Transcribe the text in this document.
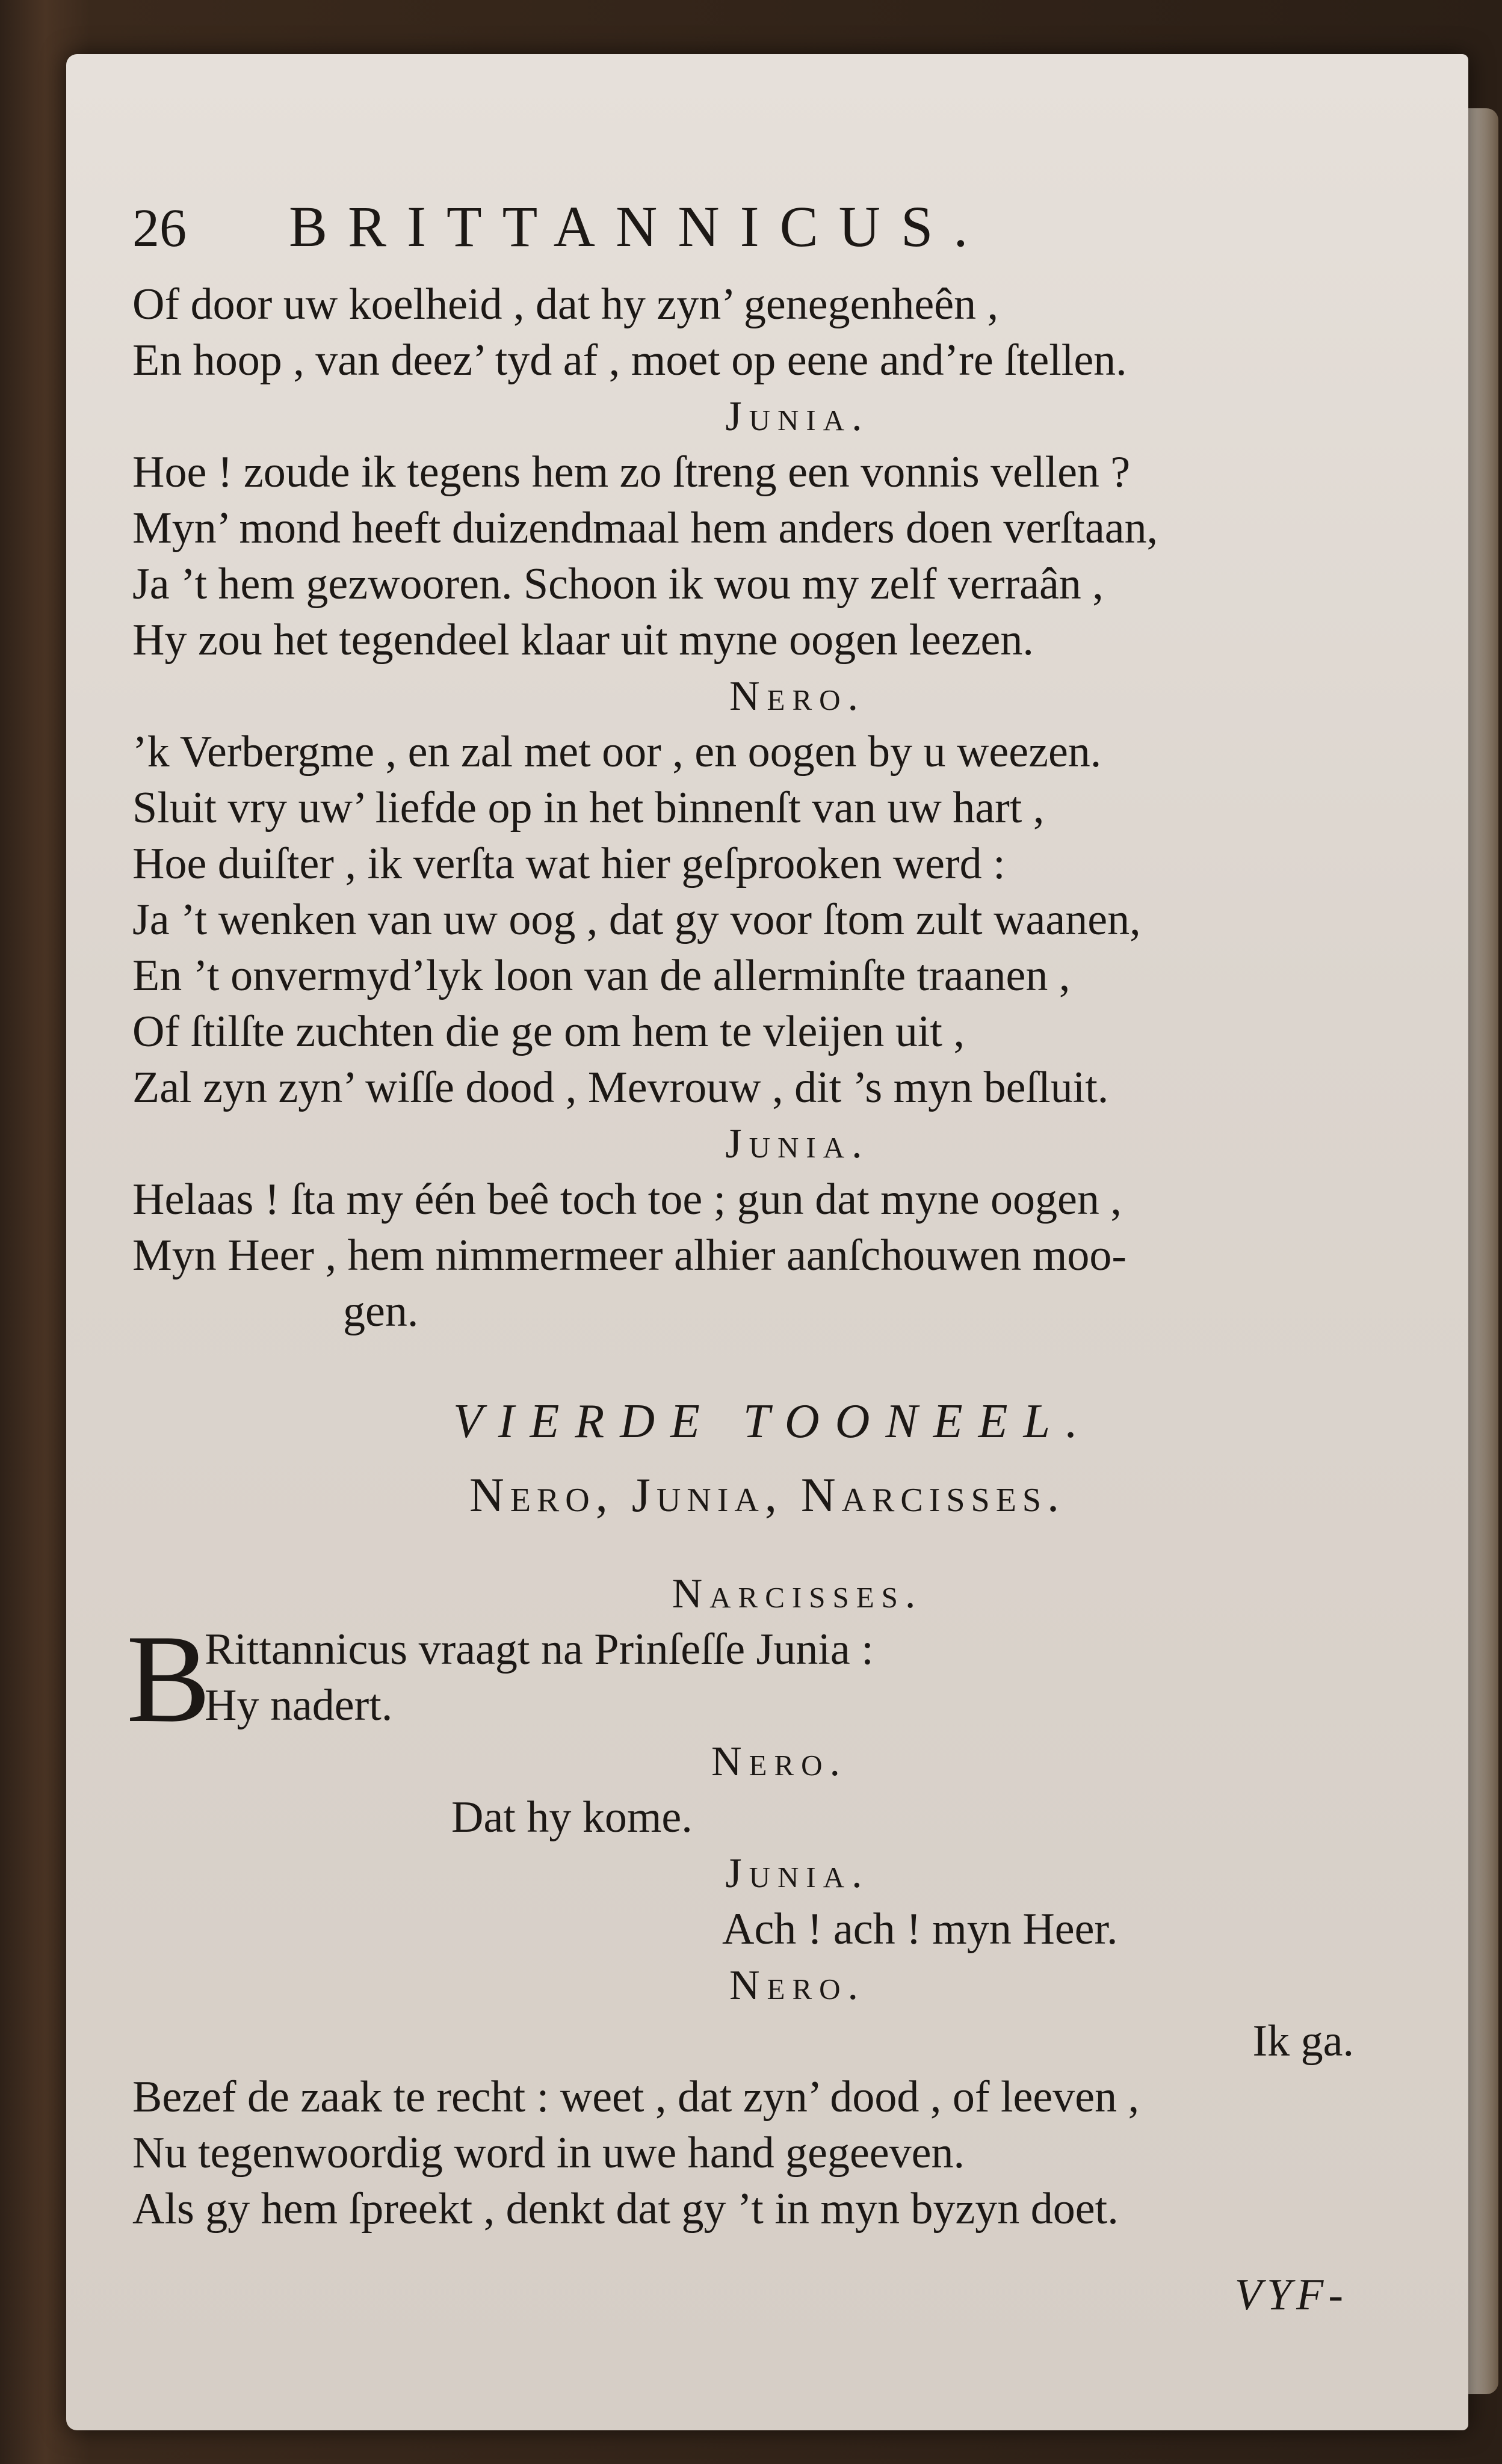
26	BRITTANNICUS.
Of door uw koelheid , dat hy zyn’ genegenheên ,
En hoop , van deez’ tyd af , moet op eene and’re ſtellen.
Junia.
Hoe ! zoude ik tegens hem zo ſtreng een vonnis vellen ?
Myn’ mond heeft duizendmaal hem anders doen verſtaan,
Ja ’t hem gezwooren. Schoon ik wou my zelf verraân ,
Hy zou het tegendeel klaar uit myne oogen leezen.
Nero.
’k Verbergme , en zal met oor , en oogen by u weezen.
Sluit vry uw’ liefde op in het binnenſt van uw hart ,
Hoe duiſter , ik verſta wat hier geſprooken werd :
Ja ’t wenken van uw oog , dat gy voor ſtom zult waanen,
En ’t onvermyd’lyk loon van de allerminſte traanen ,
Of ſtilſte zuchten die ge om hem te vleijen uit ,
Zal zyn zyn’ wiſſe dood , Mevrouw , dit ’s myn beſluit.
Junia.
Helaas ! ſta my één beê toch toe ; gun dat myne oogen ,
Myn Heer , hem nimmermeer alhier aanſchouwen moo-
gen.
VIERDE TOONEEL.
Nero, Junia, Narcisses.
Narcisses.
B
Rittannicus vraagt na Prinſeſſe Junia :
Hy nadert.
Nero.
Dat hy kome.
Junia.
Ach ! ach ! myn Heer.
Nero.
Ik ga.
Bezef de zaak te recht : weet , dat zyn’ dood , of leeven ,
Nu tegenwoordig word in uwe hand gegeeven.
Als gy hem ſpreekt , denkt dat gy ’t in myn byzyn doet.
VYF-
